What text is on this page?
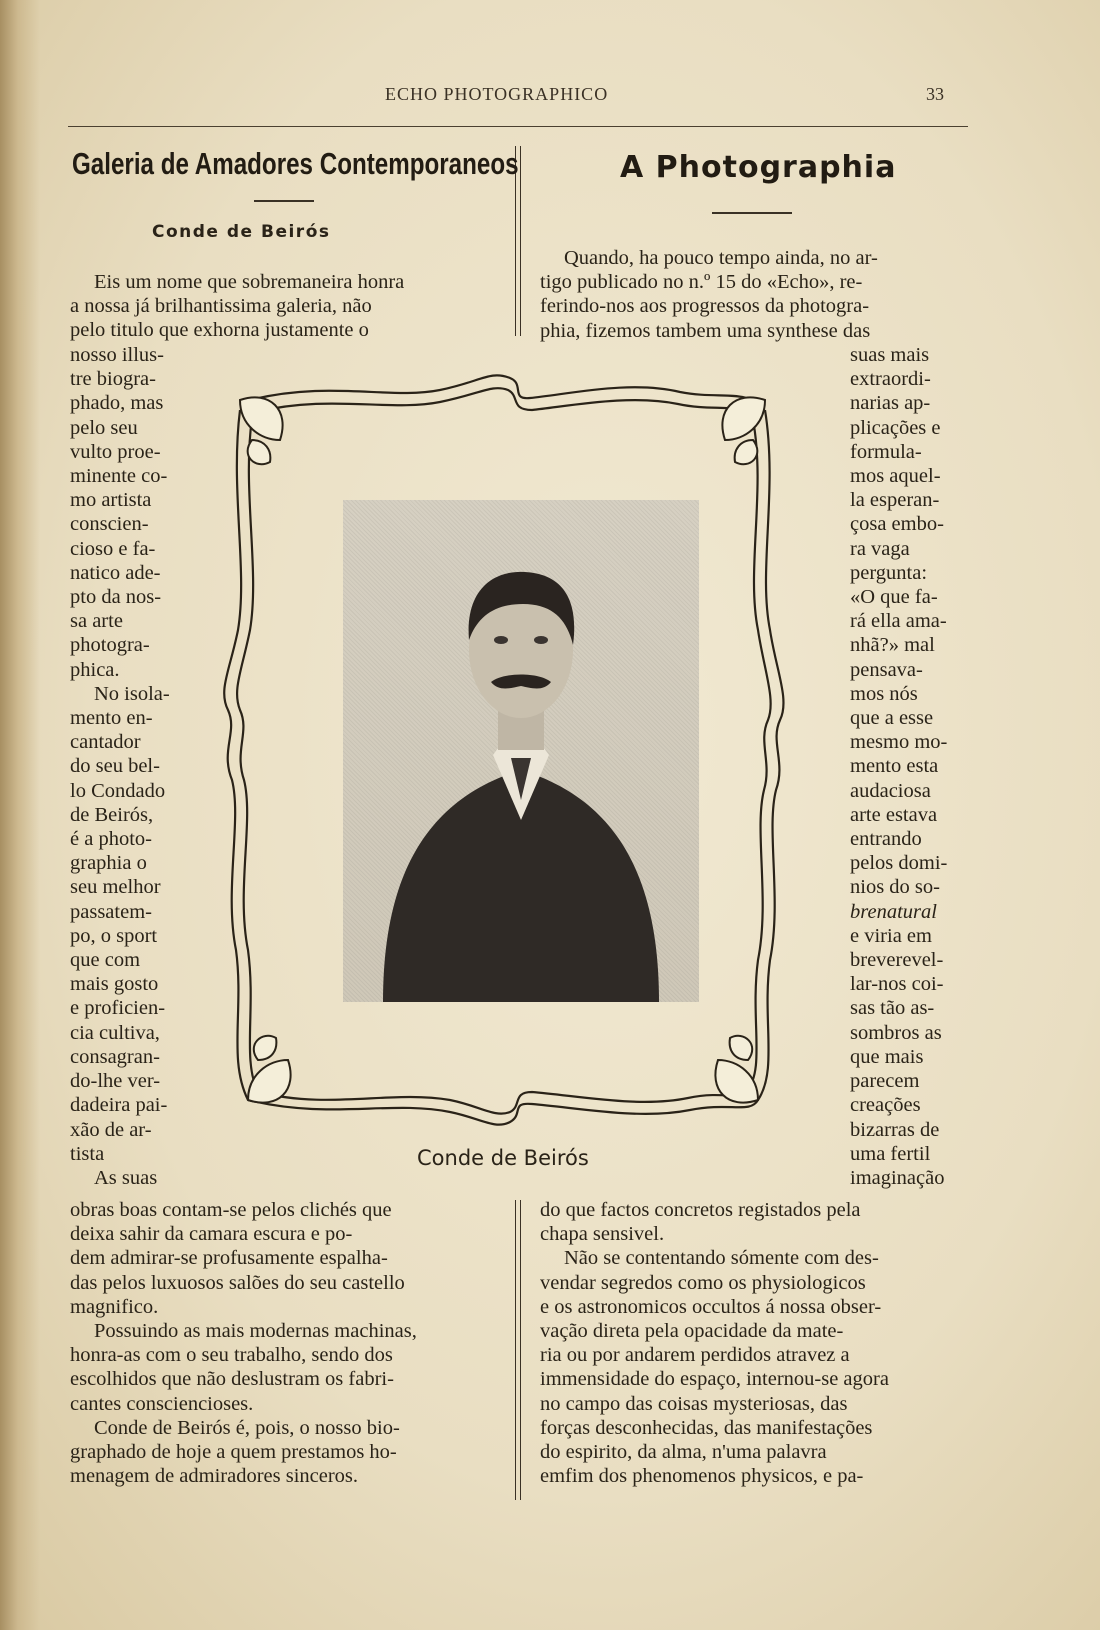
ECHO PHOTOGRAPHICO	33
Galeria de Amadores Contemporaneos
Conde de Beirós
A Photographia

Eis um nome que sobremaneira honra

a nossa já brilhantissima galeria, não

pelo titulo que exhorna justamente o

nosso illus-

tre biogra-

phado, mas

pelo seu

vulto proe-

minente co-

mo artista

conscien-

cioso e fa-

natico ade-

pto da nos-

sa arte

photogra-

phica.

No isola-

mento en-

cantador

do seu bel-

lo Condado

de Beirós,

é a photo-

graphia o

seu melhor

passatem-

po, o sport

que com

mais gosto

e proficien-

cia cultiva,

consagran-

do-lhe ver-

dadeira pai-

xão de ar-

tista

As suas

obras boas contam-se pelos clichés que

deixa sahir da camara escura e po-

dem admirar-se profusamente espalha-

das pelos luxuosos salões do seu castello

magnifico.

Possuindo as mais modernas machinas,

honra-as com o seu trabalho, sendo dos

escolhidos que não deslustram os fabri-

cantes consciencioses.

Conde de Beirós é, pois, o nosso bio-

graphado de hoje a quem prestamos ho-

menagem de admiradores sinceros.

Quando, ha pouco tempo ainda, no ar-

tigo publicado no n.º 15 do «Echo», re-

ferindo-nos aos progressos da photogra-

phia, fizemos tambem uma synthese das

suas mais

extraordi-

narias ap-

plicações e

formula-

mos aquel-

la esperan-

çosa embo-

ra vaga

pergunta:

«O que fa-

rá ella ama-

nhã?» mal

pensava-

mos nós

que a esse

mesmo mo-

mento esta

audaciosa

arte estava

entrando

pelos domi-

nios do so-

brenatural

e viria em

breverevel-

lar-nos coi-

sas tão as-

sombros as

que mais

parecem

creações

bizarras de

uma fertil

imaginação

do que factos concretos registados pela

chapa sensivel.

Não se contentando sómente com des-

vendar segredos como os physiologicos

e os astronomicos occultos á nossa obser-

vação direta pela opacidade da mate-

ria ou por andarem perdidos atravez a

immensidade do espaço, internou-se agora

no campo das coisas mysteriosas, das

forças desconhecidas, das manifestações

do espirito, da alma, n'uma palavra

emfim dos phenomenos physicos, e pa-

Conde de Beirós
